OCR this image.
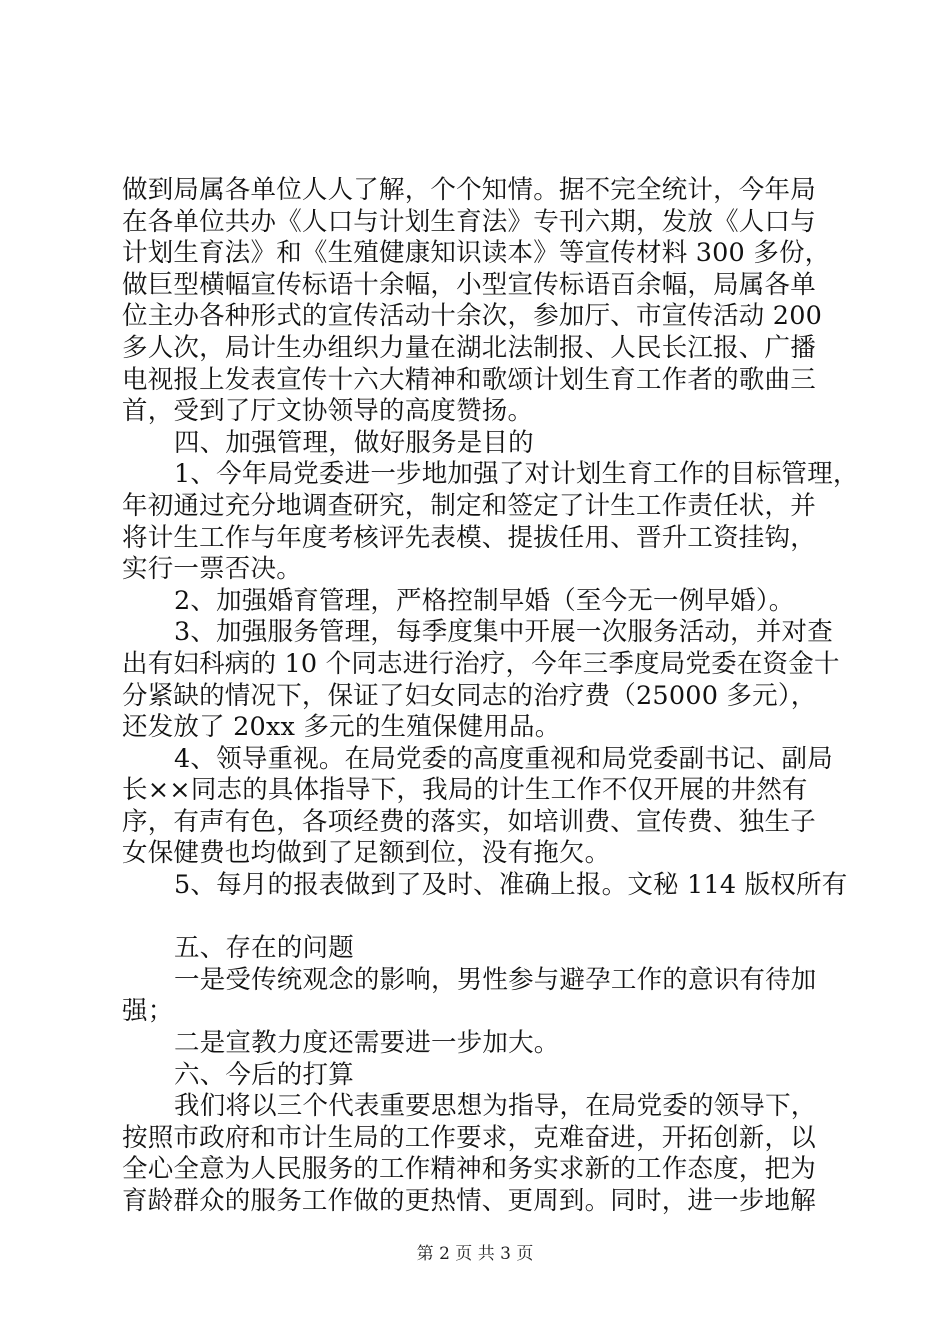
做到局属各单位人人了解，个个知情。据不完全统计，今年局
在各单位共办《人口与计划生育法》专刊六期，发放《人口与
计划生育法》和《生殖健康知识读本》等宣传材料 300 多份，
做巨型横幅宣传标语十余幅，小型宣传标语百余幅，局属各单
位主办各种形式的宣传活动十余次，参加厅、市宣传活动 200
多人次，局计生办组织力量在湖北法制报、人民长江报、广播
电视报上发表宣传十六大精神和歌颂计划生育工作者的歌曲三
首，受到了厅文协领导的高度赞扬。
四、加强管理，做好服务是目的
1、今年局党委进一步地加强了对计划生育工作的目标管理，
年初通过充分地调查研究，制定和签定了计生工作责任状，并
将计生工作与年度考核评先表模、提拔任用、晋升工资挂钩，
实行一票否决。
2、加强婚育管理，严格控制早婚（至今无一例早婚）。
3、加强服务管理，每季度集中开展一次服务活动，并对查
出有妇科病的 10 个同志进行治疗，今年三季度局党委在资金十
分紧缺的情况下，保证了妇女同志的治疗费（25000 多元），
还发放了 20xx 多元的生殖保健用品。
4、领导重视。在局党委的高度重视和局党委副书记、副局
长××同志的具体指导下，我局的计生工作不仅开展的井然有
序，有声有色，各项经费的落实，如培训费、宣传费、独生子
女保健费也均做到了足额到位，没有拖欠。
5、每月的报表做到了及时、准确上报。文秘 114 版权所有
五、存在的问题
一是受传统观念的影响，男性参与避孕工作的意识有待加
强；
二是宣教力度还需要进一步加大。
六、今后的打算
我们将以三个代表重要思想为指导，在局党委的领导下，
按照市政府和市计生局的工作要求，克难奋进，开拓创新，以
全心全意为人民服务的工作精神和务实求新的工作态度，把为
育龄群众的服务工作做的更热情、更周到。同时，进一步地解
第 2 页 共 3 页
